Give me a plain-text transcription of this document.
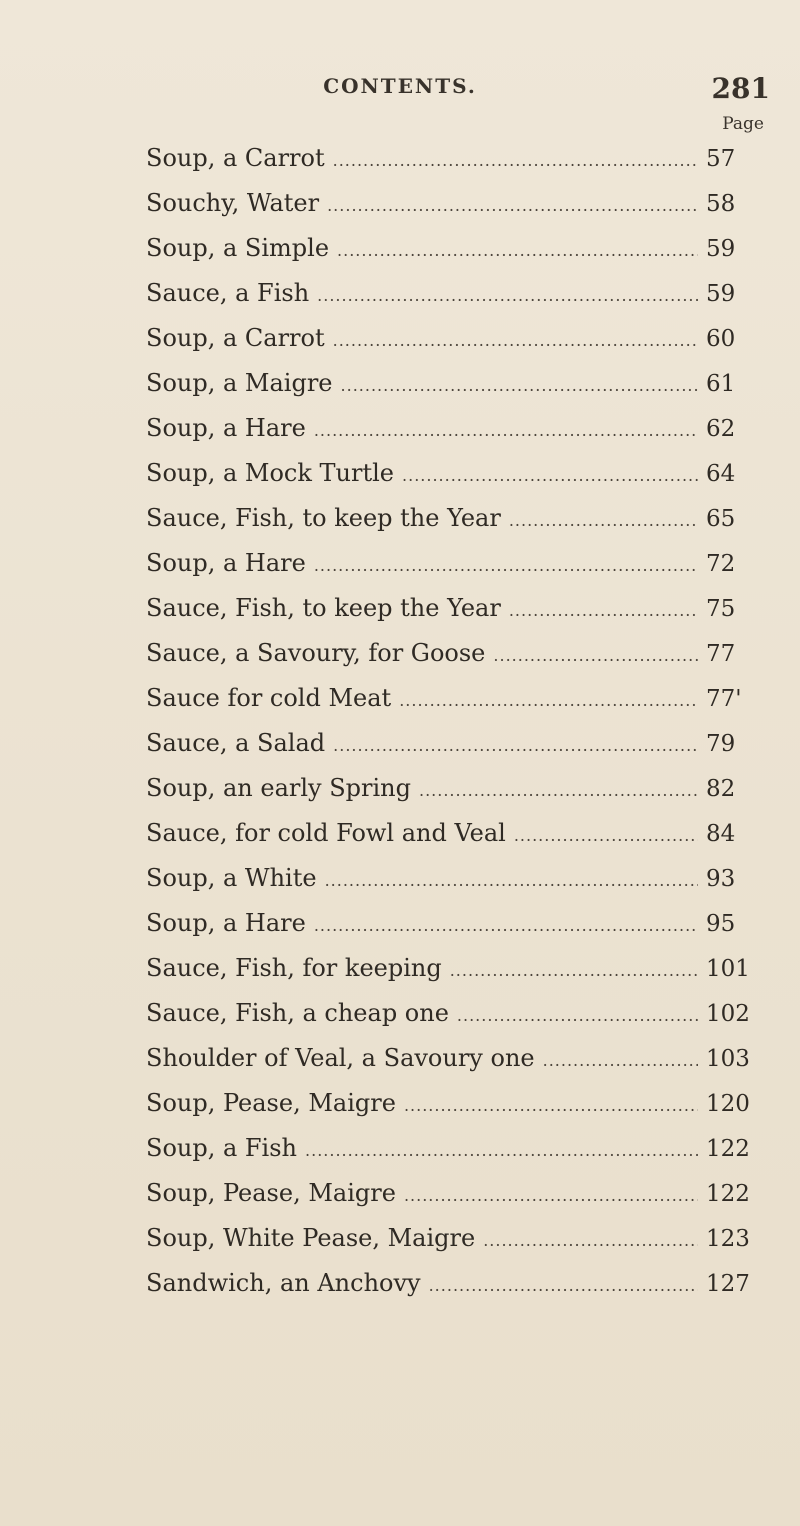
CONTENTS.	281
Page
Soup, a Carrot .....	57
Souchy, Water .....	58
Soup, a Simple .....	59
Sauce, a Fish .....	59
Soup, a Carrot .....	60
Soup, a Maigre .....	61
Soup, a Hare .....	62
Soup, a Mock Turtle .....	64
Sauce, Fish, to keep the Year .....	65
Soup, a Hare .....	72
Sauce, Fish, to keep the Year .....	75
Sauce, a Savoury, for Goose .....	77
Sauce for cold Meat .....	77'
Sauce, a Salad .....	79
Soup, an early Spring .....	82
Sauce, for cold Fowl and Veal .....	84
Soup, a White .....	93
Soup, a Hare .....	95
Sauce, Fish, for keeping .....	101
Sauce, Fish, a cheap one .....	102
Shoulder of Veal, a Savoury one .....	103
Soup, Pease, Maigre .....	120
Soup, a Fish .....	122
Soup, Pease, Maigre .....	122
Soup, White Pease, Maigre .....	123
Sandwich, an Anchovy .....	127
